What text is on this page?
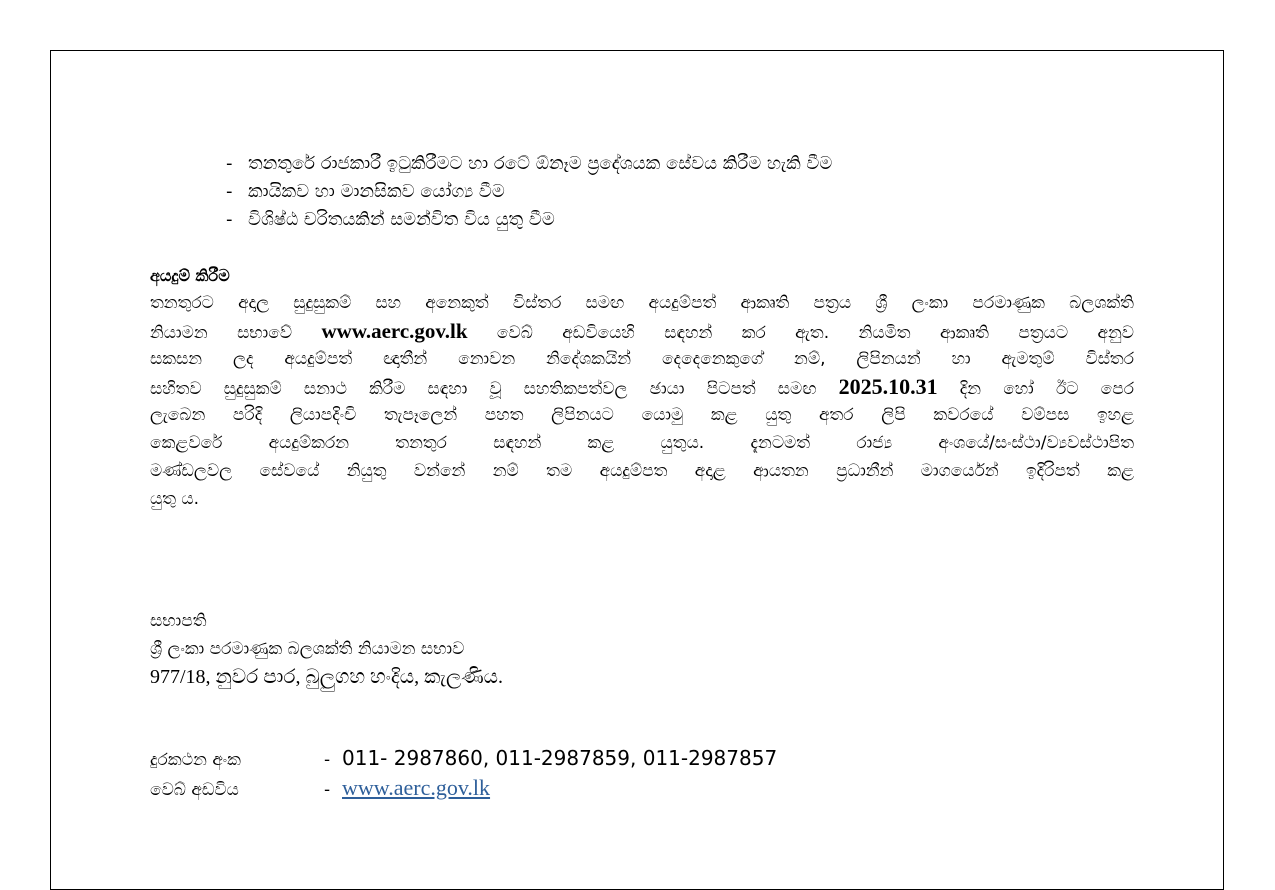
- තනතුරේ රාජකාරී ඉටුකිරීමට හා රටේ ඕනෑම ප්‍රදේශයක සේවය කිරීම හැකි වීම
- කායිකව හා මානසිකව යෝග්‍ය වීම
- විශිෂ්ඨ චරිතයකින් සමන්විත විය යුතු වීම
අයදුම් කිරීම
තනතුරට අදාල සුදුසුකම් සහ අනෙකුත් විස්තර සමඟ අයදුම්පත් ආකෘති පත්‍රය ශ්‍රී ලංකා පරමාණුක බලශක්ති
නියාමන සභාවේ www.aerc.gov.lk වෙබ් අඩවියෙහි සඳහන් කර ඇත. නියමිත ආකෘති පත්‍රයට අනුව
සකසන ලද අයදුම්පත් ඥාතීන් නොවන නිදේශකයින් දෙදෙනෙකුගේ නම්, ලිපිනයන් හා ඇමතුම් විස්තර
සහිතව සුදුසුකම් සනාථ කිරීම සඳහා වූ සහතිකපත්වල ඡායා පිටපත් සමඟ 2025.10.31 දින හෝ ඊට පෙර
ලැබෙන පරිදි ලියාපදිංචි තැපෑලෙන් පහත ලිපිනයට යොමු කළ යුතු අතර ලිපි කවරයේ වම්පස ඉහළ
කෙළවරේ අයදුම්කරන තනතුර සඳහන් කළ යුතුය. දැනටමත් රාජ්‍ය අංශයේ/සංස්ථා/ව්‍යවස්ථාපිත
මණ්ඩලවල සේවයේ නියුතු වන්නේ නම් තම අයදුම්පත අදාළ ආයතන ප්‍රධානීන් මාගර්යෙන් ඉදිරිපත් කළ
යුතු ය.
සභාපති
ශ්‍රී ලංකා පරමාණුක බලශක්ති නියාමන සභාව
977/18, නුවර පාර, බුලුගහ හංදිය, කැලණිය.
දුරකථන අංක	- 011- 2987860, 011-2987859, 011-2987857
වෙබ් අඩවිය	- www.aerc.gov.lk
